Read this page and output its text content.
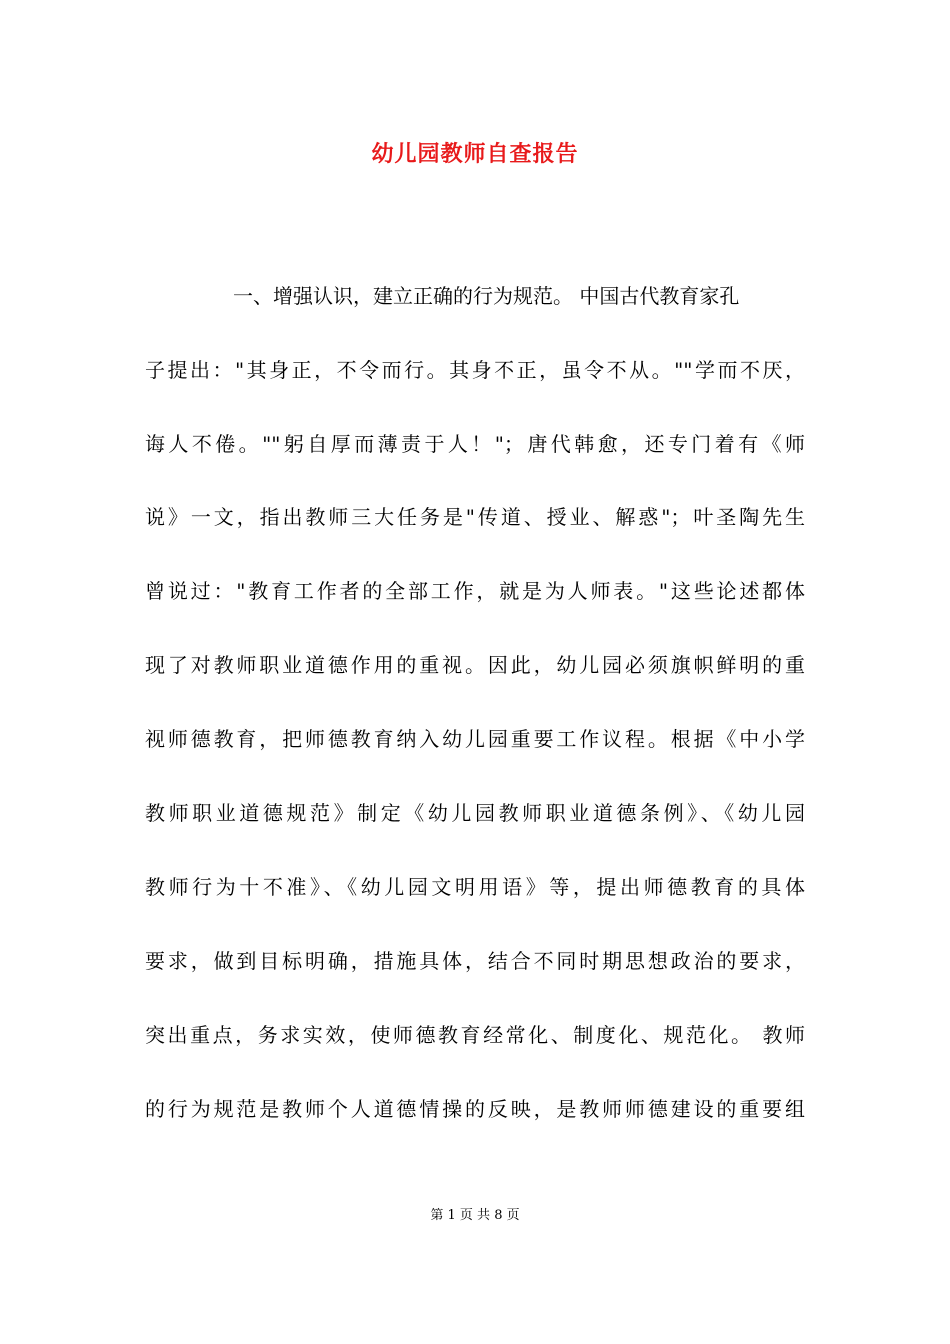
幼儿园教师自查报告
一、增强认识，建立正确的行为规范。 中国古代教育家孔
子提出："其身正，不令而行。其身不正，虽令不从。""学而不厌，
诲人不倦。""躬自厚而薄责于人！"；唐代韩愈，还专门着有《师
说》一文，指出教师三大任务是"传道、授业、解惑"；叶圣陶先生
曾说过："教育工作者的全部工作，就是为人师表。"这些论述都体
现了对教师职业道德作用的重视。因此，幼儿园必须旗帜鲜明的重
视师德教育，把师德教育纳入幼儿园重要工作议程。根据《中小学
教师职业道德规范》制定《幼儿园教师职业道德条例》、《幼儿园
教师行为十不准》、《幼儿园文明用语》等，提出师德教育的具体
要求，做到目标明确，措施具体，结合不同时期思想政治的要求，
突出重点，务求实效，使师德教育经常化、制度化、规范化。 教师
的行为规范是教师个人道德情操的反映，是教师师德建设的重要组
第 1 页 共 8 页
